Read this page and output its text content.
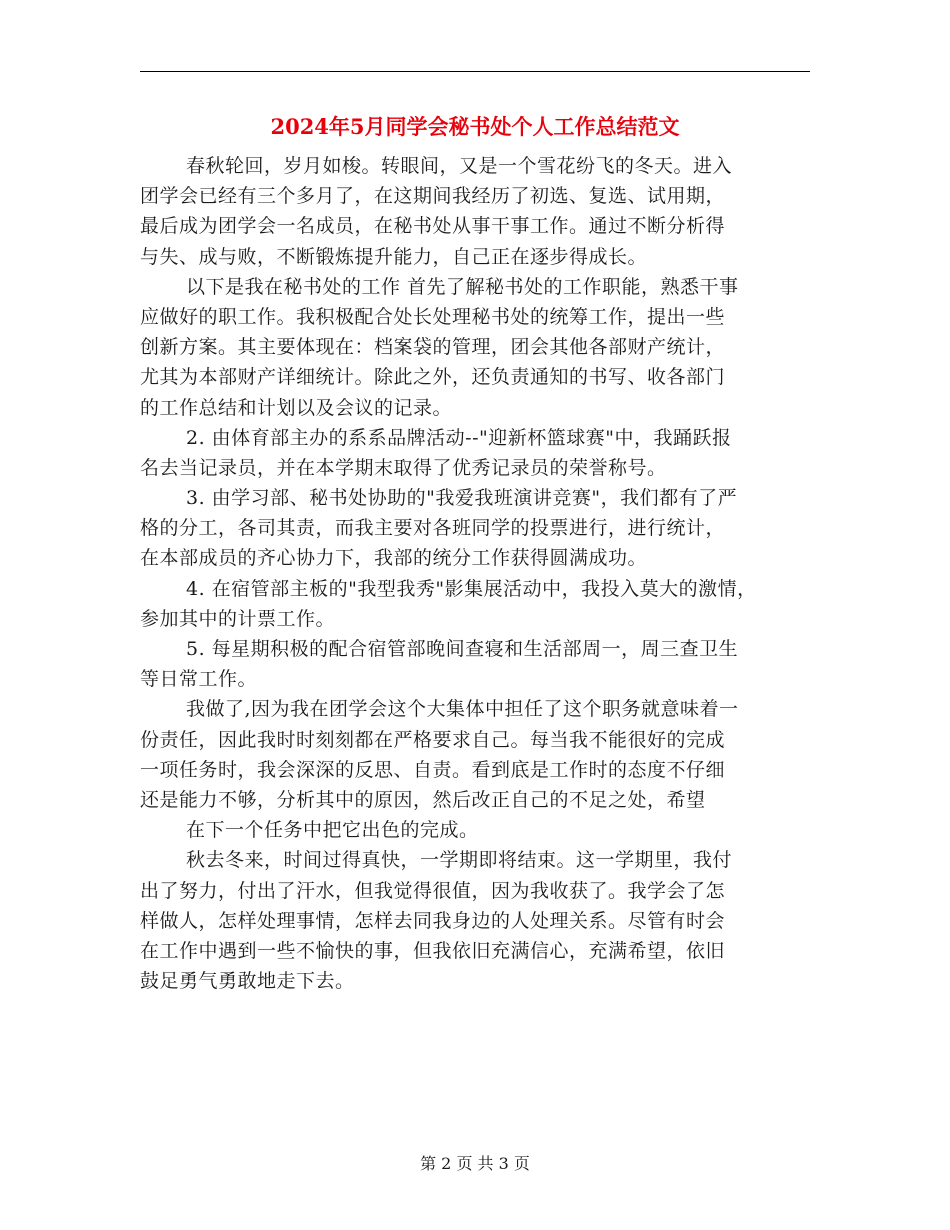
2024年5月同学会秘书处个人工作总结范文

春秋轮回，岁月如梭。转眼间，又是一个雪花纷飞的冬天。进入
团学会已经有三个多月了，在这期间我经历了初选、复选、试用期，
最后成为团学会一名成员，在秘书处从事干事工作。通过不断分析得
与失、成与败，不断锻炼提升能力，自己正在逐步得成长。

以下是我在秘书处的工作 首先了解秘书处的工作职能，熟悉干事
应做好的职工作。我积极配合处长处理秘书处的统筹工作，提出一些
创新方案。其主要体现在：档案袋的管理，团会其他各部财产统计，
尤其为本部财产详细统计。除此之外，还负责通知的书写、收各部门
的工作总结和计划以及会议的记录。

2. 由体育部主办的系系品牌活动--"迎新杯篮球赛"中，我踊跃报
名去当记录员，并在本学期末取得了优秀记录员的荣誉称号。

3. 由学习部、秘书处协助的"我爱我班演讲竞赛"，我们都有了严
格的分工，各司其责，而我主要对各班同学的投票进行，进行统计，
在本部成员的齐心协力下，我部的统分工作获得圆满成功。

4. 在宿管部主板的"我型我秀"影集展活动中，我投入莫大的激情，
参加其中的计票工作。

5. 每星期积极的配合宿管部晚间查寝和生活部周一，周三查卫生
等日常工作。

我做了,因为我在团学会这个大集体中担任了这个职务就意味着一
份责任，因此我时时刻刻都在严格要求自己。每当我不能很好的完成
一项任务时，我会深深的反思、自责。看到底是工作时的态度不仔细
还是能力不够，分析其中的原因，然后改正自己的不足之处，希望

在下一个任务中把它出色的完成。

秋去冬来，时间过得真快，一学期即将结束。这一学期里，我付
出了努力，付出了汗水，但我觉得很值，因为我收获了。我学会了怎
样做人，怎样处理事情，怎样去同我身边的人处理关系。尽管有时会
在工作中遇到一些不愉快的事，但我依旧充满信心，充满希望，依旧
鼓足勇气勇敢地走下去。

第 2 页 共 3 页
